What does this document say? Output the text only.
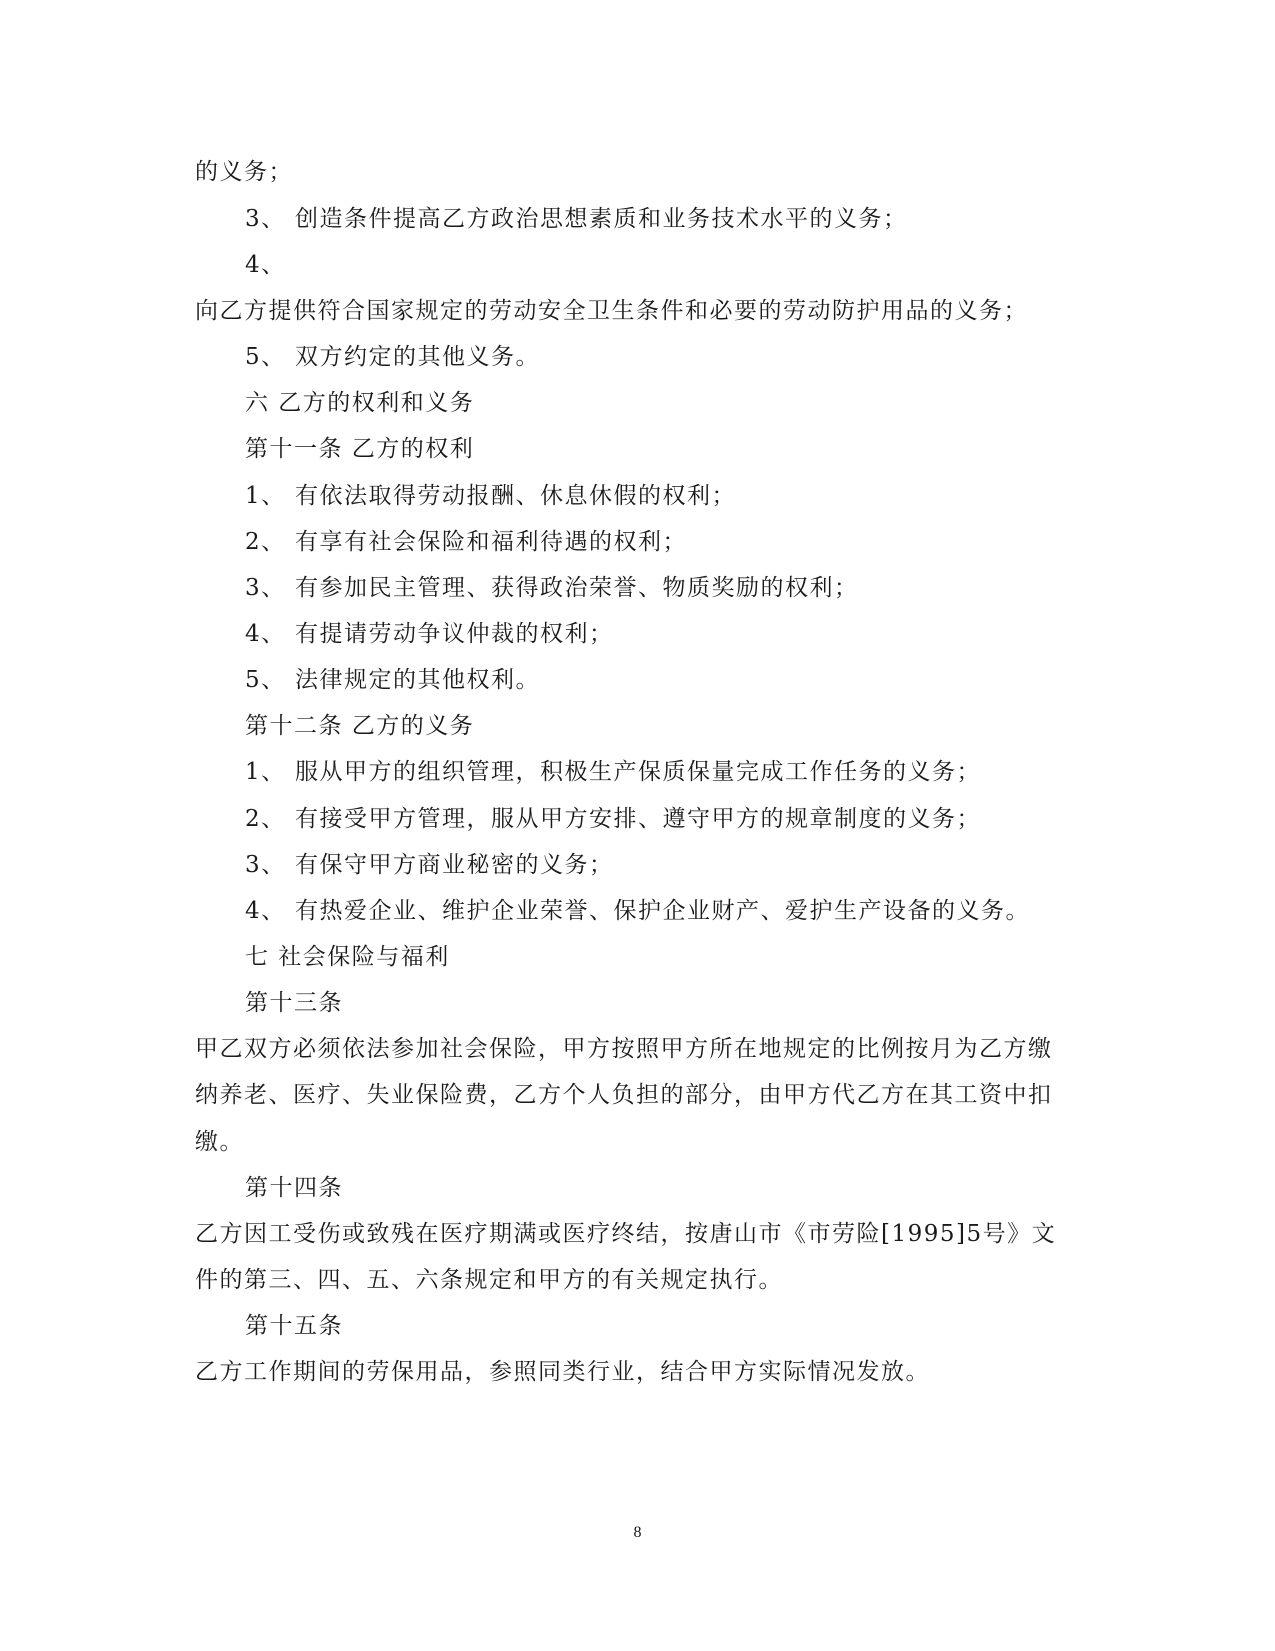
的义务；
3、 创造条件提高乙方政治思想素质和业务技术水平的义务；
4、
向乙方提供符合国家规定的劳动安全卫生条件和必要的劳动防护用品的义务；
5、 双方约定的其他义务。
六 乙方的权利和义务
第十一条 乙方的权利
1、 有依法取得劳动报酬、休息休假的权利；
2、 有享有社会保险和福利待遇的权利；
3、 有参加民主管理、获得政治荣誉、物质奖励的权利；
4、 有提请劳动争议仲裁的权利；
5、 法律规定的其他权利。
第十二条 乙方的义务
1、 服从甲方的组织管理，积极生产保质保量完成工作任务的义务；
2、 有接受甲方管理，服从甲方安排、遵守甲方的规章制度的义务；
3、 有保守甲方商业秘密的义务；
4、 有热爱企业、维护企业荣誉、保护企业财产、爱护生产设备的义务。
七 社会保险与福利
第十三条
甲乙双方必须依法参加社会保险，甲方按照甲方所在地规定的比例按月为乙方缴
纳养老、医疗、失业保险费，乙方个人负担的部分，由甲方代乙方在其工资中扣
缴。
第十四条
乙方因工受伤或致残在医疗期满或医疗终结，按唐山市《市劳险[1995]5号》文
件的第三、四、五、六条规定和甲方的有关规定执行。
第十五条
乙方工作期间的劳保用品，参照同类行业，结合甲方实际情况发放。
8
